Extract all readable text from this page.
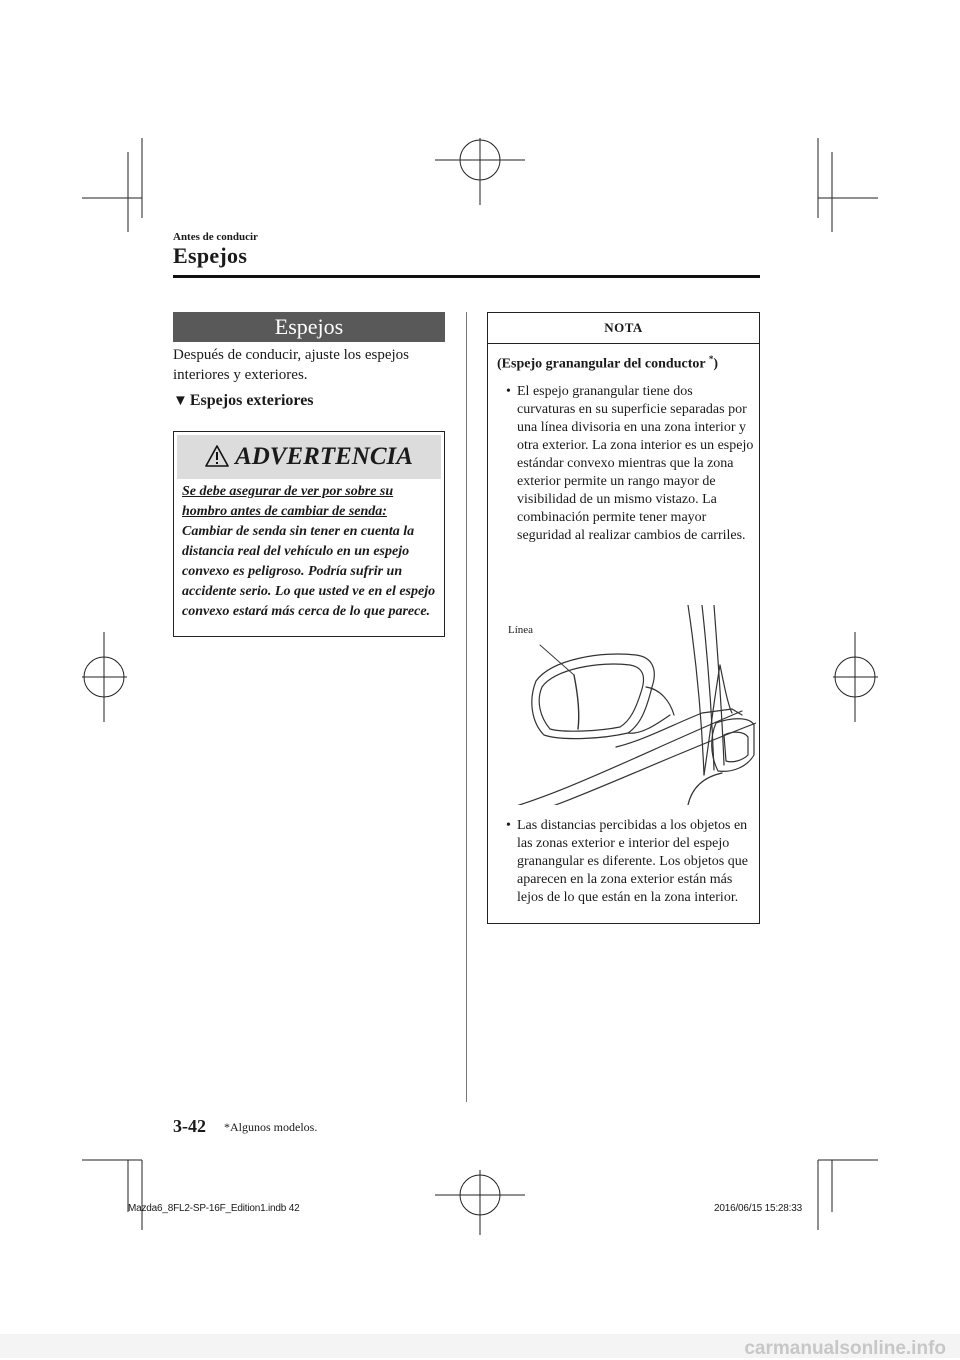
Antes de conducir
Espejos
Espejos
Después de conducir, ajuste los espejos interiores y exteriores.
▼ Espejos exteriores
ADVERTENCIA
Se debe asegurar de ver por sobre su hombro antes de cambiar de senda: Cambiar de senda sin tener en cuenta la distancia real del vehículo en un espejo convexo es peligroso. Podría sufrir un accidente serio. Lo que usted ve en el espejo convexo estará más cerca de lo que parece.
NOTA
(Espejo granangular del conductor *)
• El espejo granangular tiene dos curvaturas en su superficie separadas por una línea divisoria en una zona interior y otra exterior. La zona interior es un espejo estándar convexo mientras que la zona exterior permite un rango mayor de visibilidad de un mismo vistazo. La combinación permite tener mayor seguridad al realizar cambios de carriles.
Línea
• Las distancias percibidas a los objetos en las zonas exterior e interior del espejo granangular es diferente. Los objetos que aparecen en la zona exterior están más lejos de lo que están en la zona interior.
3-42 *Algunos modelos.
Mazda6_8FL2-SP-16F_Edition1.indb 42	2016/06/15 15:28:33
carmanualsonline.info
